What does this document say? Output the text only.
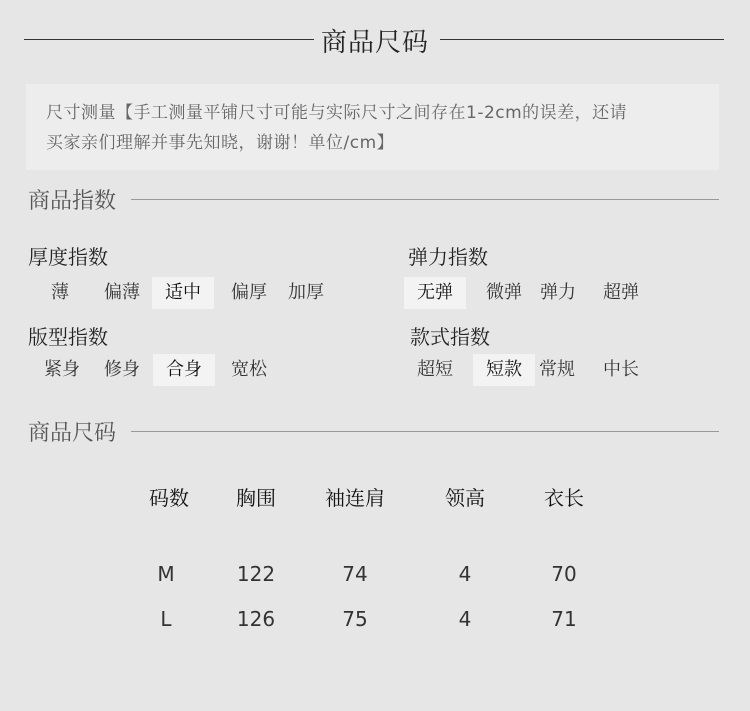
商品尺码
尺寸测量【手工测量平铺尺寸可能与实际尺寸之间存在1-2cm的误差，还请
买家亲们理解并事先知晓，谢谢！单位/cm】
商品指数
厚度指数
薄	偏薄	适中	偏厚	加厚
弹力指数
无弹	微弹	弹力	超弹
版型指数
紧身	修身	合身	宽松
款式指数
超短	短款 常规	中长
商品尺码
码数	胸围	袖连肩	领高	衣长
M	122	74	4	70
L	126	75	4	71
